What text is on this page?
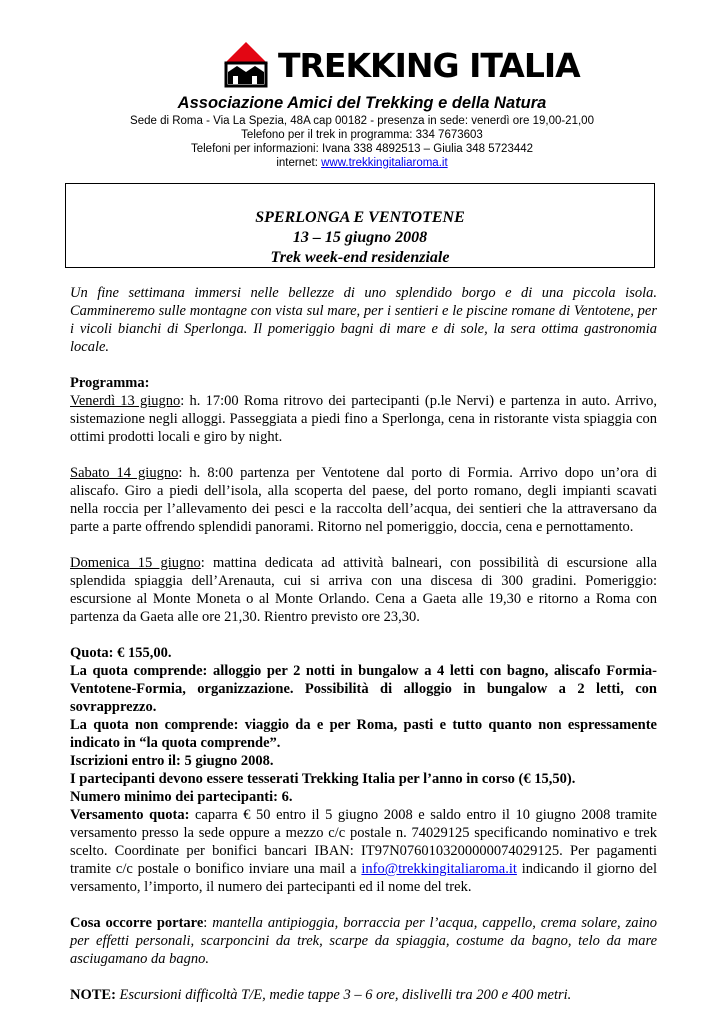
TREKKING ITALIA
Associazione Amici del Trekking e della Natura
Sede di Roma - Via La Spezia, 48A cap 00182 - presenza in sede: venerdì ore 19,00-21,00
Telefono per il trek in programma: 334 7673603
Telefoni per informazioni: Ivana 338 4892513 – Giulia 348 5723442
internet: www.trekkingitaliaroma.it
SPERLONGA E VENTOTENE
13 – 15 giugno 2008
Trek week-end residenziale

Un fine settimana immersi nelle bellezze di uno splendido borgo e di una piccola isola. Cammineremo sulle montagne con vista sul mare, per i sentieri e le piscine romane di Ventotene, per i vicoli bianchi di Sperlonga. Il pomeriggio bagni di mare e di sole, la sera ottima gastronomia locale.

Programma:

Venerdì 13 giugno: h. 17:00 Roma ritrovo dei partecipanti (p.le Nervi) e partenza in auto. Arrivo, sistemazione negli alloggi. Passeggiata a piedi fino a Sperlonga, cena in ristorante vista spiaggia con ottimi prodotti locali e giro by night.

Sabato 14 giugno: h. 8:00 partenza per Ventotene dal porto di Formia. Arrivo dopo un’ora di aliscafo. Giro a piedi dell’isola, alla scoperta del paese, del porto romano, degli impianti scavati nella roccia per l’allevamento dei pesci e la raccolta dell’acqua, dei sentieri che la attraversano da parte a parte offrendo splendidi panorami. Ritorno nel pomeriggio, doccia, cena e pernottamento.

Domenica 15 giugno: mattina dedicata ad attività balneari, con possibilità di escursione alla splendida spiaggia dell’Arenauta, cui si arriva con una discesa di 300 gradini. Pomeriggio: escursione al Monte Moneta o al Monte Orlando. Cena a Gaeta alle 19,30 e ritorno a Roma con partenza da Gaeta alle ore 21,30. Rientro previsto ore 23,30.

Quota: € 155,00.

La quota comprende: alloggio per 2 notti in bungalow a 4 letti con bagno, aliscafo Formia-Ventotene-Formia, organizzazione. Possibilità di alloggio in bungalow a 2 letti, con sovrapprezzo.

La quota non comprende: viaggio da e per Roma, pasti e tutto quanto non espressamente indicato in “la quota comprende”.

Iscrizioni entro il: 5 giugno 2008.

I partecipanti devono essere tesserati Trekking Italia per l’anno in corso (€ 15,50).

Numero minimo dei partecipanti: 6.

Versamento quota: caparra € 50 entro il 5 giugno 2008 e saldo entro il 10 giugno 2008 tramite versamento presso la sede oppure a mezzo c/c postale n. 74029125 specificando nominativo e trek scelto. Coordinate per bonifici bancari IBAN: IT97N0760103200000074029125. Per pagamenti tramite c/c postale o bonifico inviare una mail a info@trekkingitaliaroma.it indicando il giorno del versamento, l’importo, il numero dei partecipanti ed il nome del trek.

Cosa occorre portare: mantella antipioggia, borraccia per l’acqua, cappello, crema solare, zaino per effetti personali, scarponcini da trek, scarpe da spiaggia, costume da bagno, telo da mare asciugamano da bagno.

NOTE: Escursioni difficoltà T/E, medie tappe 3 – 6 ore, dislivelli tra 200 e 400 metri.
